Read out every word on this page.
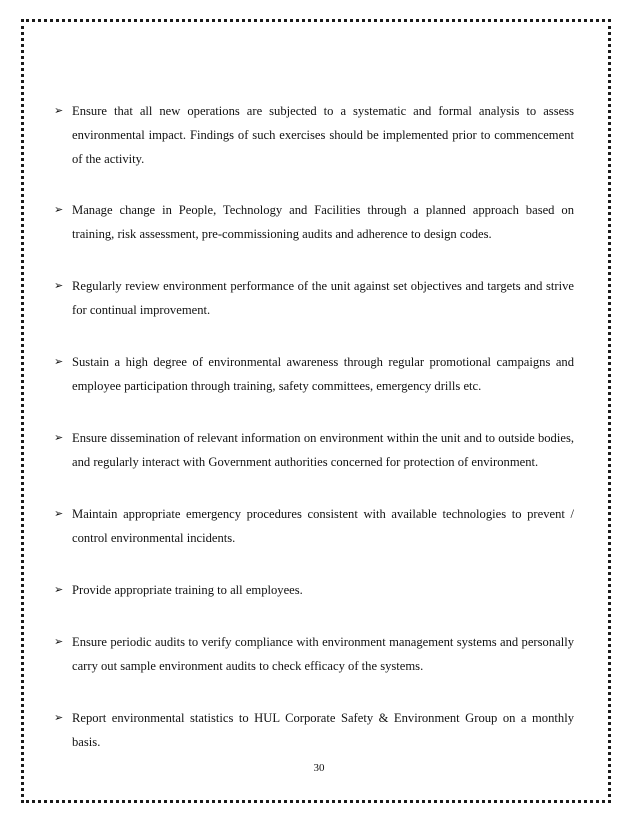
➢ Ensure that all new operations are subjected to a systematic and formal analysis to assess environmental impact. Findings of such exercises should be implemented prior to commencement of the activity.
➢ Manage change in People, Technology and Facilities through a planned approach based on training, risk assessment, pre-commissioning audits and adherence to design codes.
➢ Regularly review environment performance of the unit against set objectives and targets and strive for continual improvement.
➢ Sustain a high degree of environmental awareness through regular promotional campaigns and employee participation through training, safety committees, emergency drills etc.
➢ Ensure dissemination of relevant information on environment within the unit and to outside bodies, and regularly interact with Government authorities concerned for protection of environment.
➢ Maintain appropriate emergency procedures consistent with available technologies to prevent / control environmental incidents.
➢ Provide appropriate training to all employees.
➢ Ensure periodic audits to verify compliance with environment management systems and personally carry out sample environment audits to check efficacy of the systems.
➢ Report environmental statistics to HUL Corporate Safety & Environment Group on a monthly basis.
30
